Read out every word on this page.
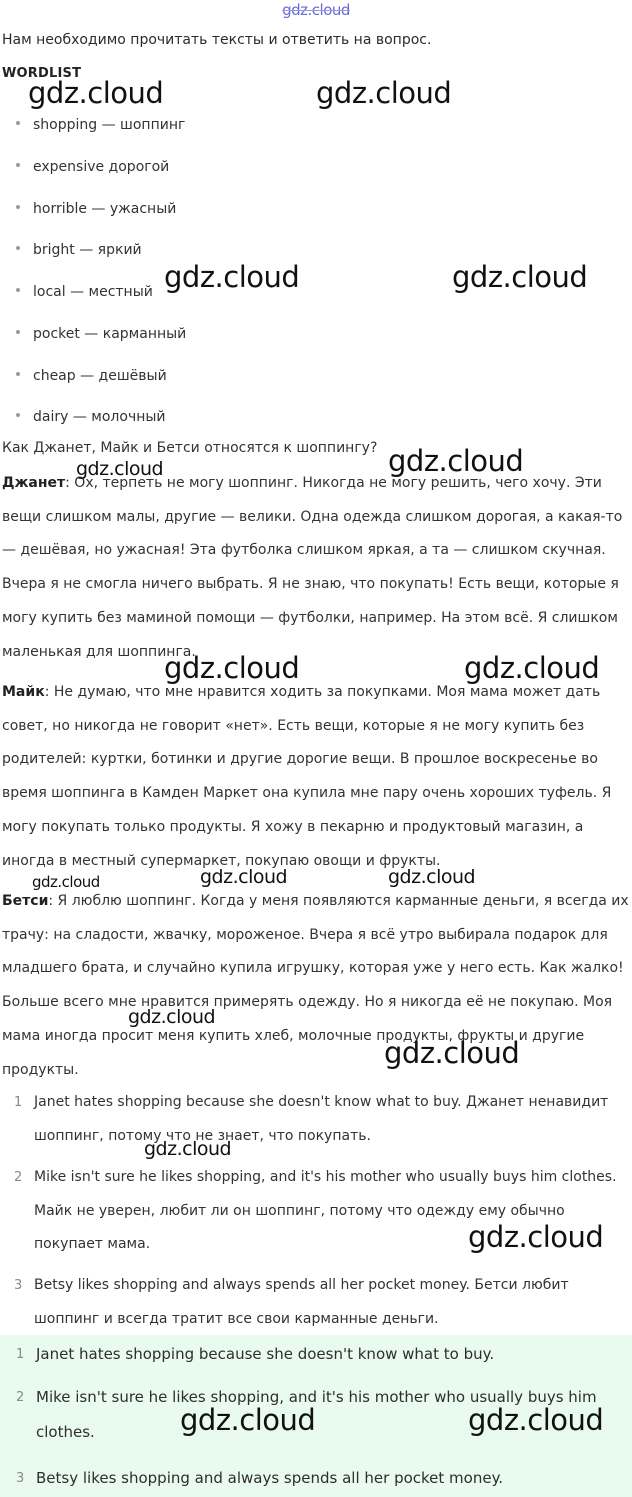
gdz.cloud
Нам необходимо прочитать тексты и ответить на вопрос.
WORDLIST
shopping — шоппинг
expensive дорогой
horrible — ужасный
bright — яркий
local — местный
pocket — карманный
cheap — дешёвый
dairy — молочный
Как Джанет, Майк и Бетси относятся к шоппингу?

Джанет: Ох, терпеть не могу шоппинг. Никогда не могу решить, чего хочу. Эти вещи слишком малы, другие — велики. Одна одежда слишком дорогая, а какая-то — дешёвая, но ужасная! Эта футболка слишком яркая, а та — слишком скучная. Вчера я не смогла ничего выбрать. Я не знаю, что покупать! Есть вещи, которые я могу купить без маминой помощи — футболки, например. На этом всё. Я слишком маленькая для шоппинга.

Майк: Не думаю, что мне нравится ходить за покупками. Моя мама может дать совет, но никогда не говорит «нет». Есть вещи, которые я не могу купить без родителей: куртки, ботинки и другие дорогие вещи. В прошлое воскресенье во время шоппинга в Камден Маркет она купила мне пару очень хороших туфель. Я могу покупать только продукты. Я хожу в пекарню и продуктовый магазин, а иногда в местный супермаркет, покупаю овощи и фрукты.

Бетси: Я люблю шоппинг. Когда у меня появляются карманные деньги, я всегда их трачу: на сладости, жвачку, мороженое. Вчера я всё утро выбирала подарок для младшего брата, и случайно купила игрушку, которая уже у него есть. Как жалко! Больше всего мне нравится примерять одежду. Но я никогда её не покупаю. Моя мама иногда просит меня купить хлеб, молочные продукты, фрукты и другие продукты.

1 Janet hates shopping because she doesn't know what to buy. Джанет ненавидит шоппинг, потому что не знает, что покупать.
2 Mike isn't sure he likes shopping, and it's his mother who usually buys him clothes. Майк не уверен, любит ли он шоппинг, потому что одежду ему обычно покупает мама.
3 Betsy likes shopping and always spends all her pocket money. Бетси любит шоппинг и всегда тратит все свои карманные деньги.
1 Janet hates shopping because she doesn't know what to buy.
2 Mike isn't sure he likes shopping, and it's his mother who usually buys him clothes.
3 Betsy likes shopping and always spends all her pocket money.
gdz.cloud	gdz.cloud
gdz.cloud	gdz.cloud
gdz.cloud	gdz.cloud
gdz.cloud	gdz.cloud
gdz.cloud	gdz.cloud	gdz.cloud
gdz.cloud
gdz.cloud
gdz.cloud
gdz.cloud
gdz.cloud	gdz.cloud
